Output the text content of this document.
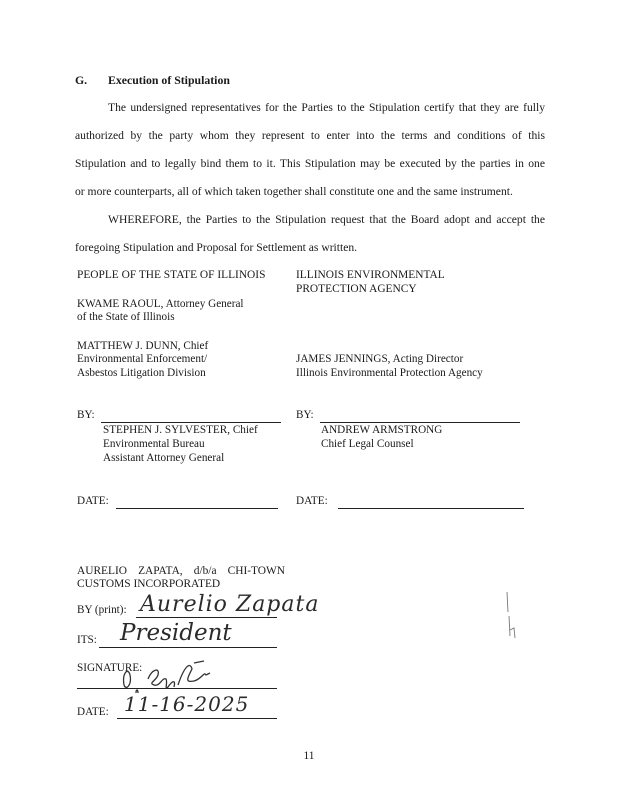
G. Execution of Stipulation
The undersigned representatives for the Parties to the Stipulation certify that they are fully
authorized by the party whom they represent to enter into the terms and conditions of this
Stipulation and to legally bind them to it. This Stipulation may be executed by the parties in one
or more counterparts, all of which taken together shall constitute one and the same instrument.
WHEREFORE, the Parties to the Stipulation request that the Board adopt and accept the
foregoing Stipulation and Proposal for Settlement as written.
PEOPLE OF THE STATE OF ILLINOIS
KWAME RAOUL, Attorney General
of the State of Illinois
MATTHEW J. DUNN, Chief
Environmental Enforcement/
Asbestos Litigation Division
ILLINOIS ENVIRONMENTAL
PROTECTION AGENCY
JAMES JENNINGS, Acting Director
Illinois Environmental Protection Agency
BY:
STEPHEN J. SYLVESTER, Chief
Environmental Bureau
Assistant Attorney General
BY:
ANDREW ARMSTRONG
Chief Legal Counsel
DATE:	DATE:
AURELIO ZAPATA, d/b/a CHI-TOWN
CUSTOMS INCORPORATED
BY (print): Aurelio Zapata
ITS: President
SIGNATURE:
DATE: 11-16-2025
11
